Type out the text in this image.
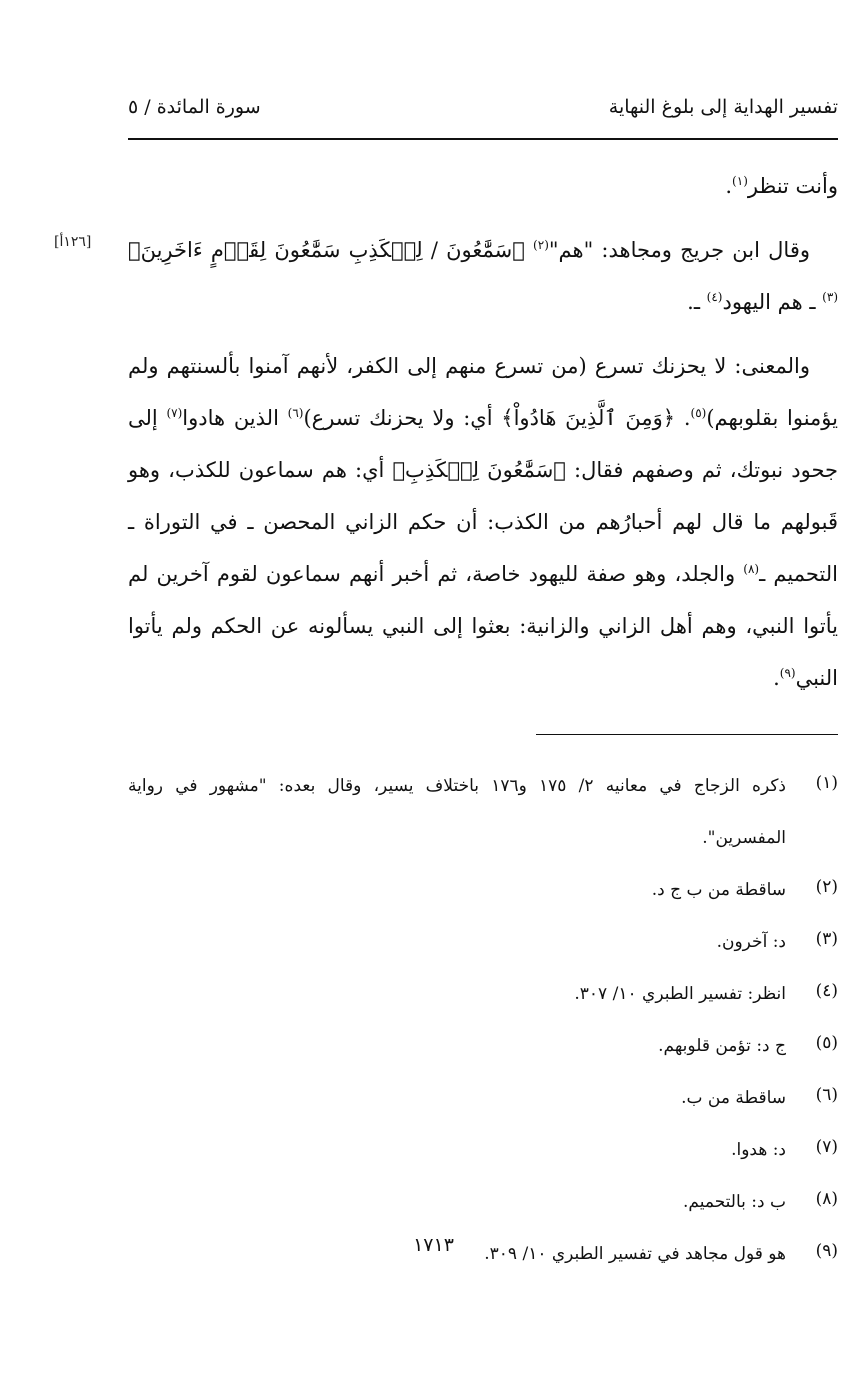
تفسير الهداية إلى بلوغ النهاية
سورة المائدة / ٥
[١٢٦أ]

وأنت تنظر$^{(١)}$.

وقال ابن جريج ومجاهد: "هم"$^{(٢)}$ ﴿سَمَّٰعُونَ / لِلۡكَذِبِ سَمَّٰعُونَ لِقَوۡمٍ ءَاخَرِينَ﴾$^{(٣)}$ ـ هم اليهود$^{(٤)}$ ـ.

والمعنى: لا يحزنك تسرع (من تسرع منهم إلى الكفر، لأنهم آمنوا بألسنتهم ولم يؤمنوا بقلوبهم)$^{(٥)}$. ﴿وَمِنَ ٱلَّذِينَ هَادُواْ﴾ أي: ولا يحزنك تسرع)$^{(٦)}$ الذين هادوا$^{(٧)}$ إلى جحود نبوتك، ثم وصفهم فقال: ﴿سَمَّٰعُونَ لِلۡكَذِبِ﴾ أي: هم سماعون للكذب، وهو قَبولهم ما قال لهم أحبارُهم من الكذب: أن حكم الزاني المحصن ـ في التوراة ـ التحميم ـ$^{(٨)}$ والجلد، وهو صفة لليهود خاصة، ثم أخبر أنهم سماعون لقوم آخرين لم يأتوا النبي، وهم أهل الزاني والزانية: بعثوا إلى النبي يسألونه عن الحكم ولم يأتوا النبي$^{(٩)}$.

(١)
ذكره الزجاج في معانيه ٢/ ١٧٥ و١٧٦ باختلاف يسير، وقال بعده: "مشهور في رواية المفسرين".
(٢)
ساقطة من ب ج د.
(٣)
د: آخرون.
(٤)
انظر: تفسير الطبري ١٠/ ٣٠٧.
(٥)
ج د: تؤمن قلوبهم.
(٦)
ساقطة من ب.
(٧)
د: هدوا.
(٨)
ب د: بالتحميم.
(٩)
هو قول مجاهد في تفسير الطبري ١٠/ ٣٠٩.
١٧١٣
